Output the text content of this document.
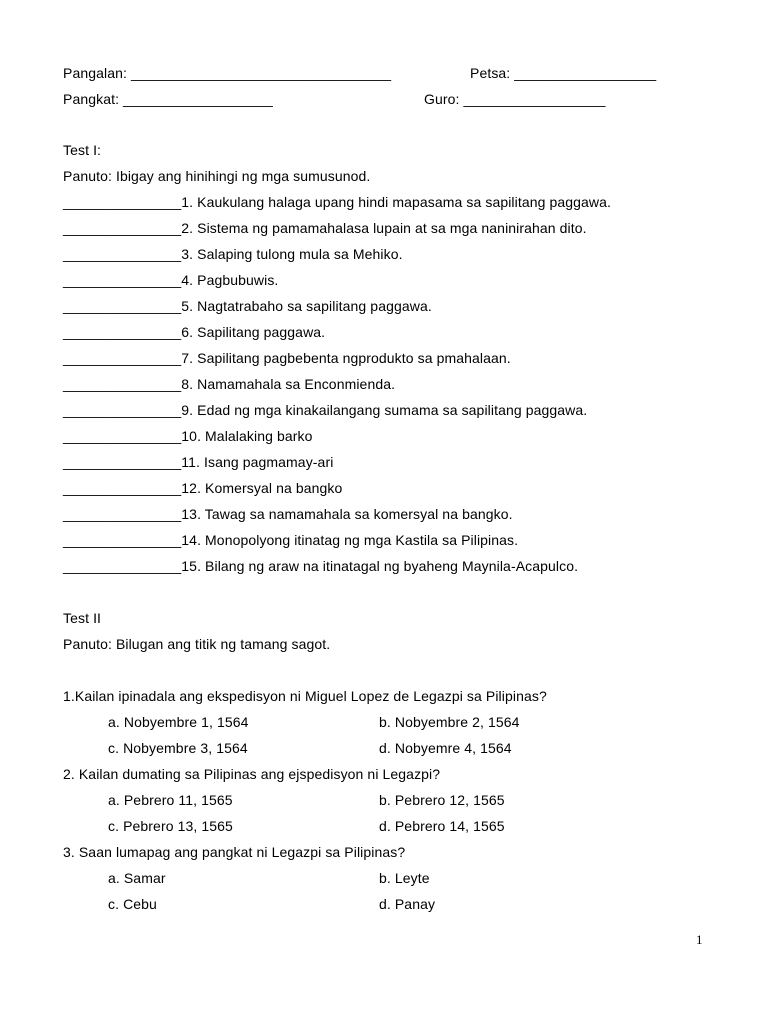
Pangalan: _________________________________	Petsa: __________________
Pangkat: ___________________	Guro: __________________
Test I:
Panuto: Ibigay ang hinihingi ng mga sumusunod.
_______________1. Kaukulang halaga upang hindi mapasama sa sapilitang paggawa.
_______________2. Sistema ng pamamahalasa lupain at sa mga naninirahan dito.
_______________3. Salaping tulong mula sa Mehiko.
_______________4. Pagbubuwis.
_______________5. Nagtatrabaho sa sapilitang paggawa.
_______________6. Sapilitang paggawa.
_______________7. Sapilitang pagbebenta ngprodukto sa pmahalaan.
_______________8. Namamahala sa Enconmienda.
_______________9. Edad ng mga kinakailangang sumama sa sapilitang paggawa.
_______________10. Malalaking barko
_______________11. Isang pagmamay-ari
_______________12. Komersyal na bangko
_______________13. Tawag sa namamahala sa komersyal na bangko.
_______________14. Monopolyong itinatag ng mga Kastila sa Pilipinas.
_______________15. Bilang ng araw na itinatagal ng byaheng Maynila-Acapulco.
Test II
Panuto: Bilugan ang titik ng tamang sagot.
1.Kailan ipinadala ang ekspedisyon ni Miguel Lopez de Legazpi sa Pilipinas?
a. Nobyembre 1, 1564	b. Nobyembre 2, 1564
c. Nobyembre 3, 1564	d. Nobyemre 4, 1564
2. Kailan dumating sa Pilipinas ang ejspedisyon ni Legazpi?
a. Pebrero 11, 1565	b. Pebrero 12, 1565
c. Pebrero 13, 1565	d. Pebrero 14, 1565
3. Saan lumapag ang pangkat ni Legazpi sa Pilipinas?
a. Samar	b. Leyte
c. Cebu	d. Panay
1
